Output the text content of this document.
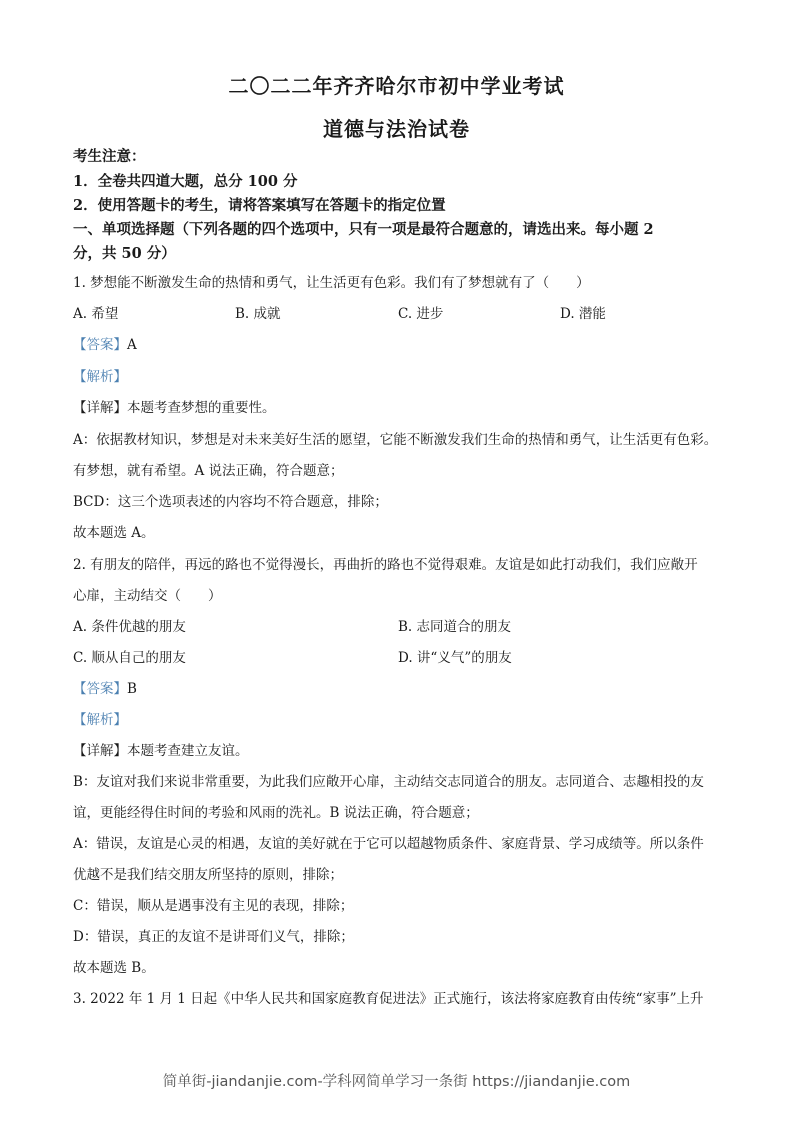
二〇二二年齐齐哈尔市初中学业考试
道德与法治试卷
考生注意：
1．全卷共四道大题，总分 100 分
2．使用答题卡的考生，请将答案填写在答题卡的指定位置
一、单项选择题（下列各题的四个选项中，只有一项是最符合题意的，请选出来。每小题 2
分，共 50 分）
1. 梦想能不断激发生命的热情和勇气，让生活更有色彩。我们有了梦想就有了（　　）
A. 希望	B. 成就	C. 进步	D. 潜能
【答案】A
【解析】
【详解】本题考查梦想的重要性。
A：依据教材知识，梦想是对未来美好生活的愿望，它能不断激发我们生命的热情和勇气，让生活更有色彩。
有梦想，就有希望。A 说法正确，符合题意；
BCD：这三个选项表述的内容均不符合题意，排除；
故本题选 A。
2. 有朋友的陪伴，再远的路也不觉得漫长，再曲折的路也不觉得艰难。友谊是如此打动我们，我们应敞开
心扉，主动结交（　　）
A. 条件优越的朋友	B. 志同道合的朋友
C. 顺从自己的朋友	D. 讲“义气”的朋友
【答案】B
【解析】
【详解】本题考查建立友谊。
B：友谊对我们来说非常重要，为此我们应敞开心扉，主动结交志同道合的朋友。志同道合、志趣相投的友
谊，更能经得住时间的考验和风雨的洗礼。B 说法正确，符合题意；
A：错误，友谊是心灵的相遇，友谊的美好就在于它可以超越物质条件、家庭背景、学习成绩等。所以条件
优越不是我们结交朋友所坚持的原则，排除；
C：错误，顺从是遇事没有主见的表现，排除；
D：错误，真正的友谊不是讲哥们义气，排除；
故本题选 B。
3. 2022 年 1 月 1 日起《中华人民共和国家庭教育促进法》正式施行，该法将家庭教育由传统“家事”上升
简单街-jiandanjie.com-学科网简单学习一条街 https://jiandanjie.com
